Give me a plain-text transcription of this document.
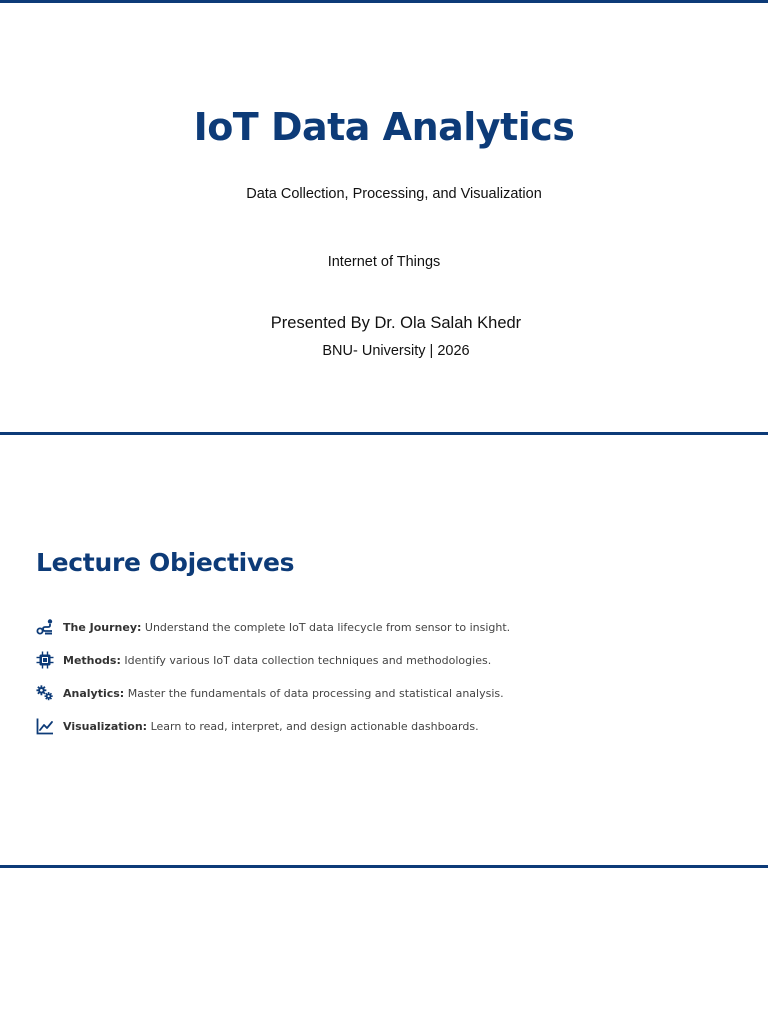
IoT Data Analytics
Data Collection, Processing, and Visualization
Internet of Things
Presented By Dr. Ola Salah Khedr
BNU- University | 2026
Lecture Objectives
The Journey: Understand the complete IoT data lifecycle from sensor to insight.
Methods: Identify various IoT data collection techniques and methodologies.
Analytics: Master the fundamentals of data processing and statistical analysis.
Visualization: Learn to read, interpret, and design actionable dashboards.
